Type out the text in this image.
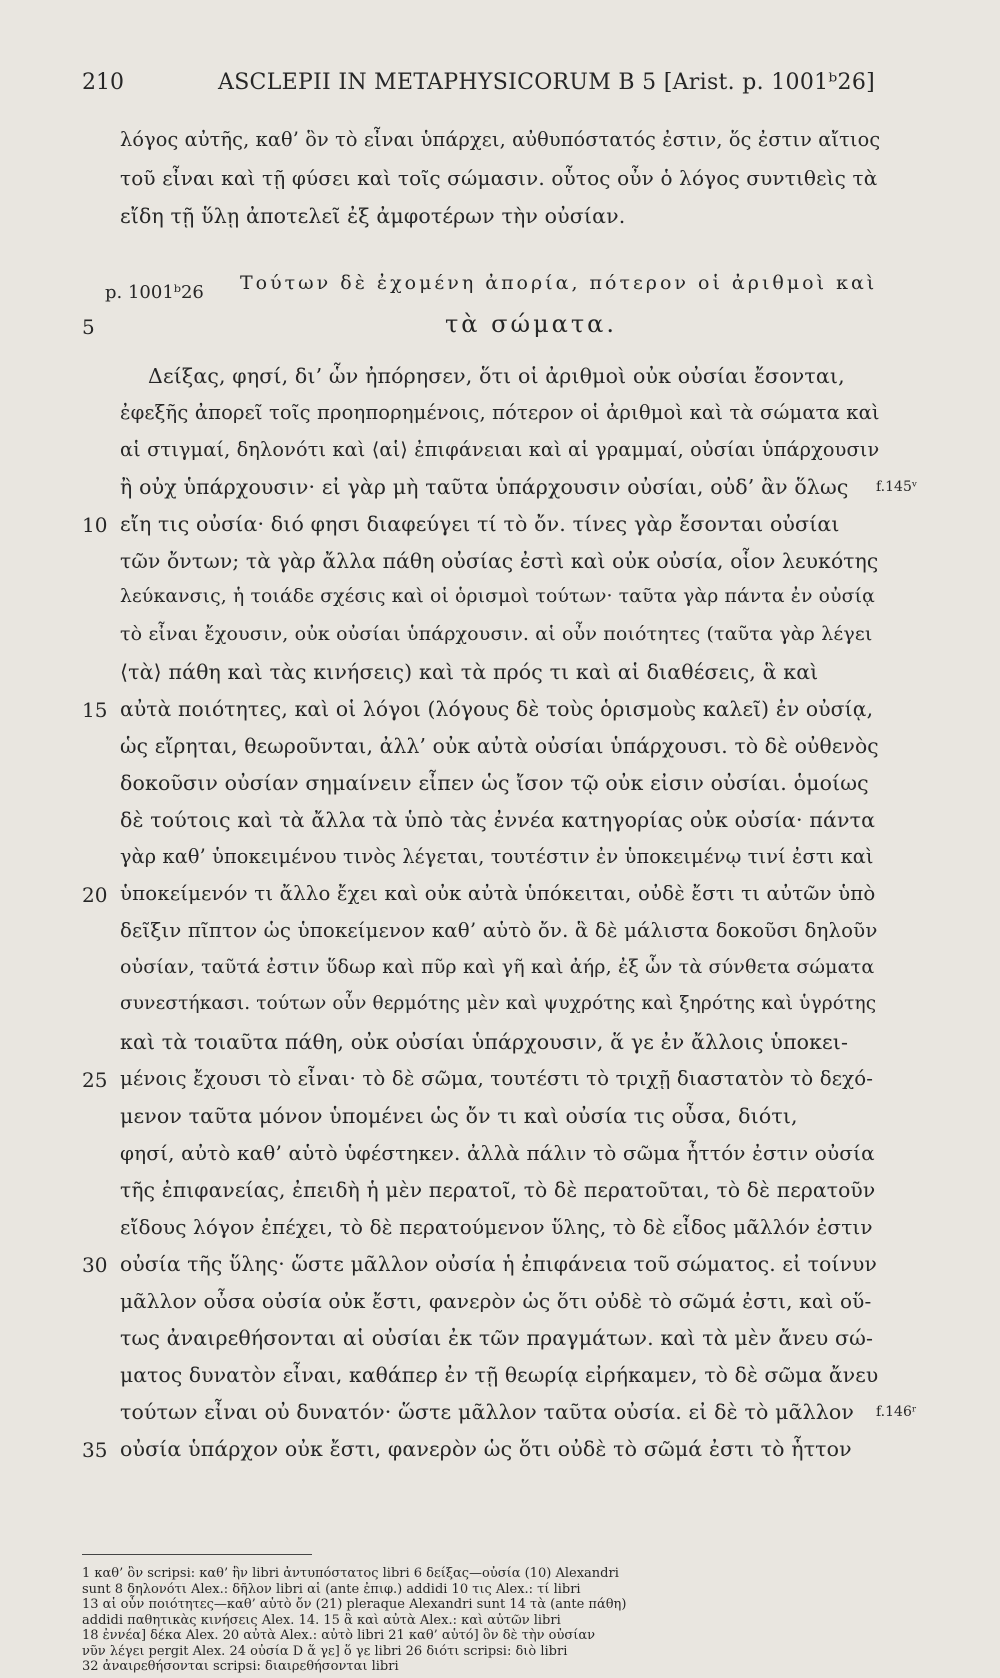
210	ASCLEPII IN METAPHYSICORUM B 5 [Arist. p. 1001ᵇ26]
λόγος αὐτῆς, καθ’ ὃν τὸ εἶναι ὑπάρχει, αὐθυπόστατός ἐστιν, ὅς ἐστιν αἴτιος
τοῦ εἶναι καὶ τῇ φύσει καὶ τοῖς σώμασιν. οὗτος οὖν ὁ λόγος συντιθεὶς τὰ
εἴδη τῇ ὕλῃ ἀποτελεῖ ἐξ ἀμφοτέρων τὴν οὐσίαν.
p. 1001ᵇ26 Τούτων δὲ ἐχομένη ἀπορία, πότερον οἱ ἀριθμοὶ καὶ
5	τὰ σώματα.
Δείξας, φησί, δι’ ὧν ἠπόρησεν, ὅτι οἱ ἀριθμοὶ οὐκ οὐσίαι ἔσονται,
ἐφεξῆς ἀπορεῖ τοῖς προηπορημένοις, πότερον οἱ ἀριθμοὶ καὶ τὰ σώματα καὶ
αἱ στιγμαί, δηλονότι καὶ ⟨αἱ⟩ ἐπιφάνειαι καὶ αἱ γραμμαί, οὐσίαι ὑπάρχουσιν
ἢ οὐχ ὑπάρχουσιν· εἰ γὰρ μὴ ταῦτα ὑπάρχουσιν οὐσίαι, οὐδ’ ἂν ὅλως f.145ᵛ
10 εἴη τις οὐσία· διό φησι διαφεύγει τί τὸ ὄν. τίνες γὰρ ἔσονται οὐσίαι
τῶν ὄντων; τὰ γὰρ ἄλλα πάθη οὐσίας ἐστὶ καὶ οὐκ οὐσία, οἷον λευκότης
λεύκανσις, ἡ τοιάδε σχέσις καὶ οἱ ὁρισμοὶ τούτων· ταῦτα γὰρ πάντα ἐν οὐσίᾳ
τὸ εἶναι ἔχουσιν, οὐκ οὐσίαι ὑπάρχουσιν. αἱ οὖν ποιότητες (ταῦτα γὰρ λέγει
⟨τὰ⟩ πάθη καὶ τὰς κινήσεις) καὶ τὰ πρός τι καὶ αἱ διαθέσεις, ἃ καὶ
15 αὐτὰ ποιότητες, καὶ οἱ λόγοι (λόγους δὲ τοὺς ὁρισμοὺς καλεῖ) ἐν οὐσίᾳ,
ὡς εἴρηται, θεωροῦνται, ἀλλ’ οὐκ αὐτὰ οὐσίαι ὑπάρχουσι. τὸ δὲ οὐθενὸς
δοκοῦσιν οὐσίαν σημαίνειν εἶπεν ὡς ἴσον τῷ οὐκ εἰσιν οὐσίαι. ὁμοίως
δὲ τούτοις καὶ τὰ ἄλλα τὰ ὑπὸ τὰς ἐννέα κατηγορίας οὐκ οὐσία· πάντα
γὰρ καθ’ ὑποκειμένου τινὸς λέγεται, τουτέστιν ἐν ὑποκειμένῳ τινί ἐστι καὶ
20 ὑποκείμενόν τι ἄλλο ἔχει καὶ οὐκ αὐτὰ ὑπόκειται, οὐδὲ ἔστι τι αὐτῶν ὑπὸ
δεῖξιν πῖπτον ὡς ὑποκείμενον καθ’ αὑτὸ ὄν. ἃ δὲ μάλιστα δοκοῦσι δηλοῦν
οὐσίαν, ταῦτά ἐστιν ὕδωρ καὶ πῦρ καὶ γῆ καὶ ἀήρ, ἐξ ὧν τὰ σύνθετα σώματα
συνεστήκασι. τούτων οὖν θερμότης μὲν καὶ ψυχρότης καὶ ξηρότης καὶ ὑγρότης
καὶ τὰ τοιαῦτα πάθη, οὐκ οὐσίαι ὑπάρχουσιν, ἅ γε ἐν ἄλλοις ὑποκει-
25 μένοις ἔχουσι τὸ εἶναι· τὸ δὲ σῶμα, τουτέστι τὸ τριχῇ διαστατὸν τὸ δεχό-
μενον ταῦτα μόνον ὑπομένει ὡς ὄν τι καὶ οὐσία τις οὖσα, διότι,
φησί, αὐτὸ καθ’ αὑτὸ ὑφέστηκεν. ἀλλὰ πάλιν τὸ σῶμα ἧττόν ἐστιν οὐσία
τῆς ἐπιφανείας, ἐπειδὴ ἡ μὲν περατοῖ, τὸ δὲ περατοῦται, τὸ δὲ περατοῦν
εἴδους λόγον ἐπέχει, τὸ δὲ περατούμενον ὕλης, τὸ δὲ εἶδος μᾶλλόν ἐστιν
30 οὐσία τῆς ὕλης· ὥστε μᾶλλον οὐσία ἡ ἐπιφάνεια τοῦ σώματος. εἰ τοίνυν
μᾶλλον οὖσα οὐσία οὐκ ἔστι, φανερὸν ὡς ὅτι οὐδὲ τὸ σῶμά ἐστι, καὶ οὕ-
τως ἀναιρεθήσονται αἱ οὐσίαι ἐκ τῶν πραγμάτων. καὶ τὰ μὲν ἄνευ σώ-
ματος δυνατὸν εἶναι, καθάπερ ἐν τῇ θεωρίᾳ εἰρήκαμεν, τὸ δὲ σῶμα ἄνευ
τούτων εἶναι οὐ δυνατόν· ὥστε μᾶλλον ταῦτα οὐσία. εἰ δὲ τὸ μᾶλλον f.146ʳ
35 οὐσία ὑπάρχον οὐκ ἔστι, φανερὸν ὡς ὅτι οὐδὲ τὸ σῶμά ἐστι τὸ ἧττον
1 καθ’ ὃν scripsi: καθ’ ἣν libri ἀντυπόστατος libri 6 δείξας—οὐσία (10) Alexandri
sunt 8 δηλονότι Alex.: δῆλον libri αἱ (ante ἐπιφ.) addidi 10 τις Alex.: τί libri
13 αἱ οὖν ποιότητες—καθ’ αὑτὸ ὄν (21) pleraque Alexandri sunt 14 τὰ (ante πάθη)
addidi παθητικὰς κινήσεις Alex. 14. 15 ἃ καὶ αὐτὰ Alex.: καὶ αὐτῶν libri
18 ἐννέα] δέκα Alex. 20 αὐτὰ Alex.: αὐτὸ libri 21 καθ’ αὑτό] ὃν δὲ τὴν οὐσίαν
νῦν λέγει pergit Alex. 24 οὐσία D ἅ γε] ὅ γε libri 26 διότι scripsi: διὸ libri
32 ἀναιρεθήσονται scripsi: διαιρεθήσονται libri
